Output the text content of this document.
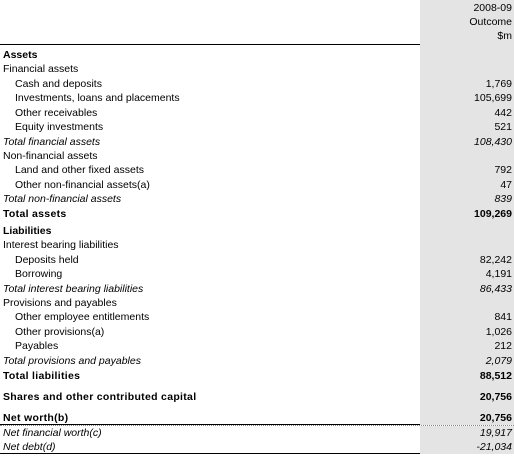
2008-09
Outcome
$m
Assets
Financial assets
1,769
Cash and deposits
105,699
Investments, loans and placements
442
Other receivables
521
Equity investments
108,430
Total financial assets
Non-financial assets
792
Land and other fixed assets
47
Other non-financial assets(a)
839
Total non-financial assets
109,269
Total assets
Liabilities
Interest bearing liabilities
82,242
Deposits held
4,191
Borrowing
86,433
Total interest bearing liabilities
Provisions and payables
841
Other employee entitlements
1,026
Other provisions(a)
212
Payables
2,079
Total provisions and payables
88,512
Total liabilities
20,756
Shares and other contributed capital
20,756
Net worth(b)
19,917
Net financial worth(c)
-21,034
Net debt(d)
